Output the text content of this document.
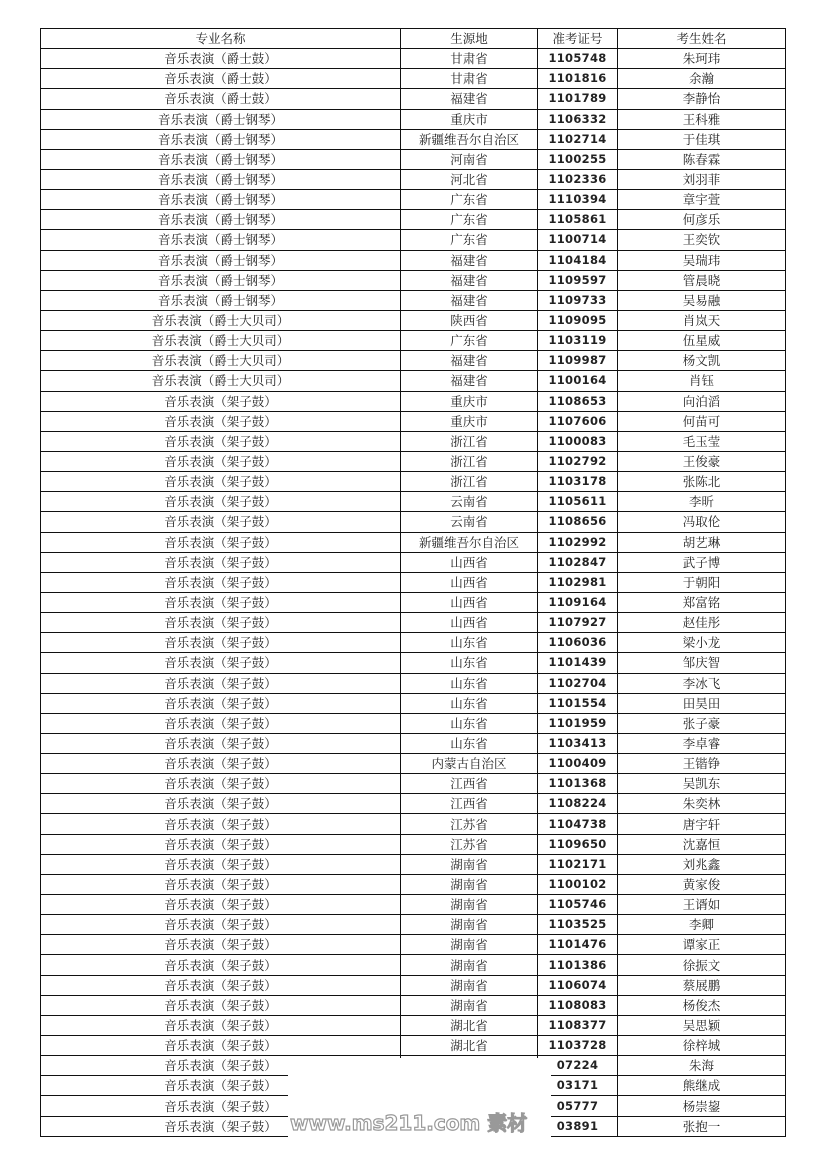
专业名称	生源地	准考证号	考生姓名
音乐表演（爵士鼓）	甘肃省	1105748	朱珂玮
音乐表演（爵士鼓）	甘肃省	1101816	余瀚
音乐表演（爵士鼓）	福建省	1101789	李静怡
音乐表演（爵士钢琴）	重庆市	1106332	王科雅
音乐表演（爵士钢琴）	新疆维吾尔自治区	1102714	于佳琪
音乐表演（爵士钢琴）	河南省	1100255	陈春霖
音乐表演（爵士钢琴）	河北省	1102336	刘羽菲
音乐表演（爵士钢琴）	广东省	1110394	章宇萱
音乐表演（爵士钢琴）	广东省	1105861	何彦乐
音乐表演（爵士钢琴）	广东省	1100714	王奕钦
音乐表演（爵士钢琴）	福建省	1104184	吴瑞玮
音乐表演（爵士钢琴）	福建省	1109597	管晨晓
音乐表演（爵士钢琴）	福建省	1109733	吴易融
音乐表演（爵士大贝司）	陕西省	1109095	肖岚天
音乐表演（爵士大贝司）	广东省	1103119	伍星威
音乐表演（爵士大贝司）	福建省	1109987	杨文凯
音乐表演（爵士大贝司）	福建省	1100164	肖钰
音乐表演（架子鼓）	重庆市	1108653	向泊滔
音乐表演（架子鼓）	重庆市	1107606	何苗可
音乐表演（架子鼓）	浙江省	1100083	毛玉莹
音乐表演（架子鼓）	浙江省	1102792	王俊豪
音乐表演（架子鼓）	浙江省	1103178	张陈北
音乐表演（架子鼓）	云南省	1105611	李昕
音乐表演（架子鼓）	云南省	1108656	冯取伦
音乐表演（架子鼓）	新疆维吾尔自治区	1102992	胡艺琳
音乐表演（架子鼓）	山西省	1102847	武子博
音乐表演（架子鼓）	山西省	1102981	于朝阳
音乐表演（架子鼓）	山西省	1109164	郑富铭
音乐表演（架子鼓）	山西省	1107927	赵佳彤
音乐表演（架子鼓）	山东省	1106036	梁小龙
音乐表演（架子鼓）	山东省	1101439	邹庆智
音乐表演（架子鼓）	山东省	1102704	李冰飞
音乐表演（架子鼓）	山东省	1101554	田昊田
音乐表演（架子鼓）	山东省	1101959	张子豪
音乐表演（架子鼓）	山东省	1103413	李卓睿
音乐表演（架子鼓）	内蒙古自治区	1100409	王锴铮
音乐表演（架子鼓）	江西省	1101368	吴凯东
音乐表演（架子鼓）	江西省	1108224	朱奕林
音乐表演（架子鼓）	江苏省	1104738	唐宇轩
音乐表演（架子鼓）	江苏省	1109650	沈嘉恒
音乐表演（架子鼓）	湖南省	1102171	刘兆鑫
音乐表演（架子鼓）	湖南省	1100102	黄家俊
音乐表演（架子鼓）	湖南省	1105746	王谞如
音乐表演（架子鼓）	湖南省	1103525	李卿
音乐表演（架子鼓）	湖南省	1101476	谭家正
音乐表演（架子鼓）	湖南省	1101386	徐振文
音乐表演（架子鼓）	湖南省	1106074	蔡展鹏
音乐表演（架子鼓）	湖南省	1108083	杨俊杰
音乐表演（架子鼓）	湖北省	1108377	吴思颖
音乐表演（架子鼓）	湖北省	1103728	徐梓城
音乐表演（架子鼓）		07224	朱海
音乐表演（架子鼓）		03171	熊继成
音乐表演（架子鼓）		05777	杨崇鋆
音乐表演（架子鼓）		03891	张抱一
www.ms211.com 素材
